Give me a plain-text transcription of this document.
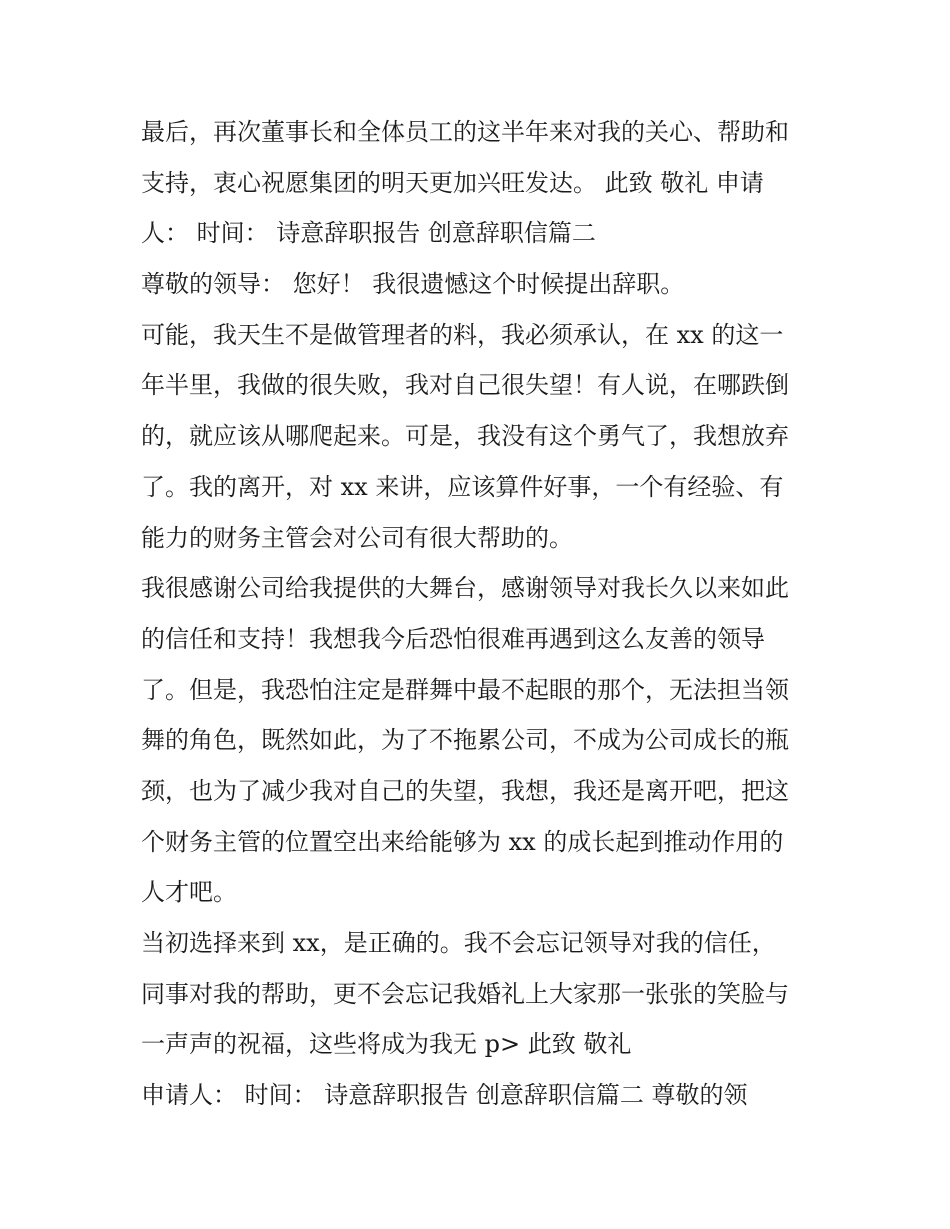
最后，再次董事长和全体员工的这半年来对我的关心、帮助和
支持，衷心祝愿集团的明天更加兴旺发达。 此致 敬礼 申请
人： 时间： 诗意辞职报告 创意辞职信篇二
尊敬的领导： 您好！ 我很遗憾这个时候提出辞职。
可能，我天生不是做管理者的料，我必须承认，在 xx 的这一
年半里，我做的很失败，我对自己很失望！有人说，在哪跌倒
的，就应该从哪爬起来。可是，我没有这个勇气了，我想放弃
了。我的离开，对 xx 来讲，应该算件好事，一个有经验、有
能力的财务主管会对公司有很大帮助的。
我很感谢公司给我提供的大舞台，感谢领导对我长久以来如此
的信任和支持！我想我今后恐怕很难再遇到这么友善的领导
了。但是，我恐怕注定是群舞中最不起眼的那个，无法担当领
舞的角色，既然如此，为了不拖累公司，不成为公司成长的瓶
颈，也为了减少我对自己的失望，我想，我还是离开吧，把这
个财务主管的位置空出来给能够为 xx 的成长起到推动作用的
人才吧。
当初选择来到 xx，是正确的。我不会忘记领导对我的信任，
同事对我的帮助，更不会忘记我婚礼上大家那一张张的笑脸与
一声声的祝福，这些将成为我无 p> 此致 敬礼
申请人： 时间： 诗意辞职报告 创意辞职信篇二 尊敬的领
